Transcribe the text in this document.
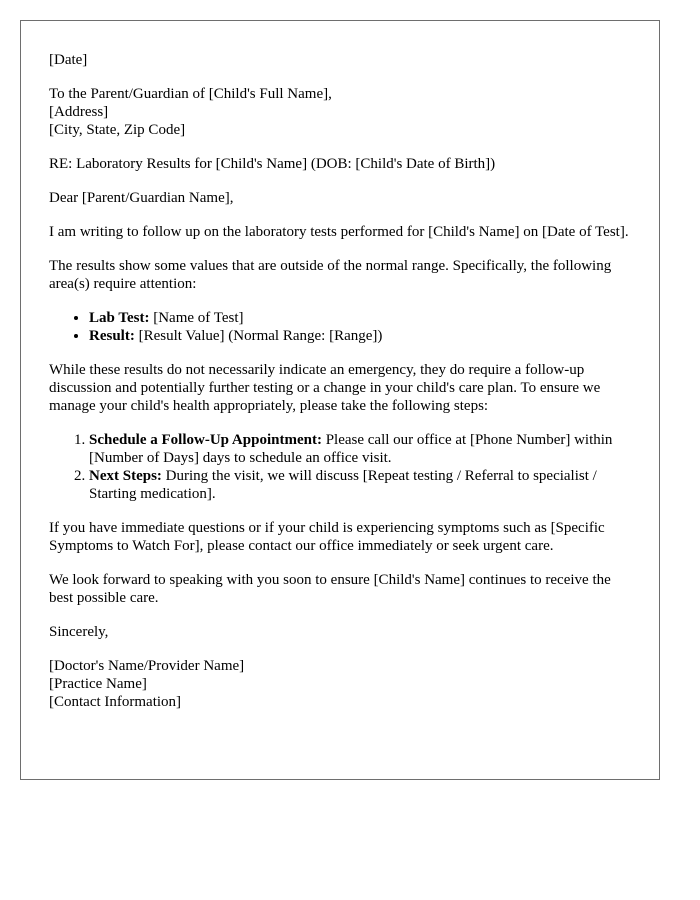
[Date]

To the Parent/Guardian of [Child's Full Name],
[Address]
[City, State, Zip Code]

RE: Laboratory Results for [Child's Name] (DOB: [Child's Date of Birth])

Dear [Parent/Guardian Name],

I am writing to follow up on the laboratory tests performed for [Child's Name] on [Date of Test].

The results show some values that are outside of the normal range. Specifically, the following area(s) require attention:

• Lab Test: [Name of Test]
• Result: [Result Value] (Normal Range: [Range])

While these results do not necessarily indicate an emergency, they do require a follow-up discussion and potentially further testing or a change in your child's care plan. To ensure we manage your child's health appropriately, please take the following steps:

1. Schedule a Follow-Up Appointment: Please call our office at [Phone Number] within [Number of Days] days to schedule an office visit.
2. Next Steps: During the visit, we will discuss [Repeat testing / Referral to specialist / Starting medication].

If you have immediate questions or if your child is experiencing symptoms such as [Specific Symptoms to Watch For], please contact our office immediately or seek urgent care.

We look forward to speaking with you soon to ensure [Child's Name] continues to receive the best possible care.

Sincerely,

[Doctor's Name/Provider Name]
[Practice Name]
[Contact Information]
